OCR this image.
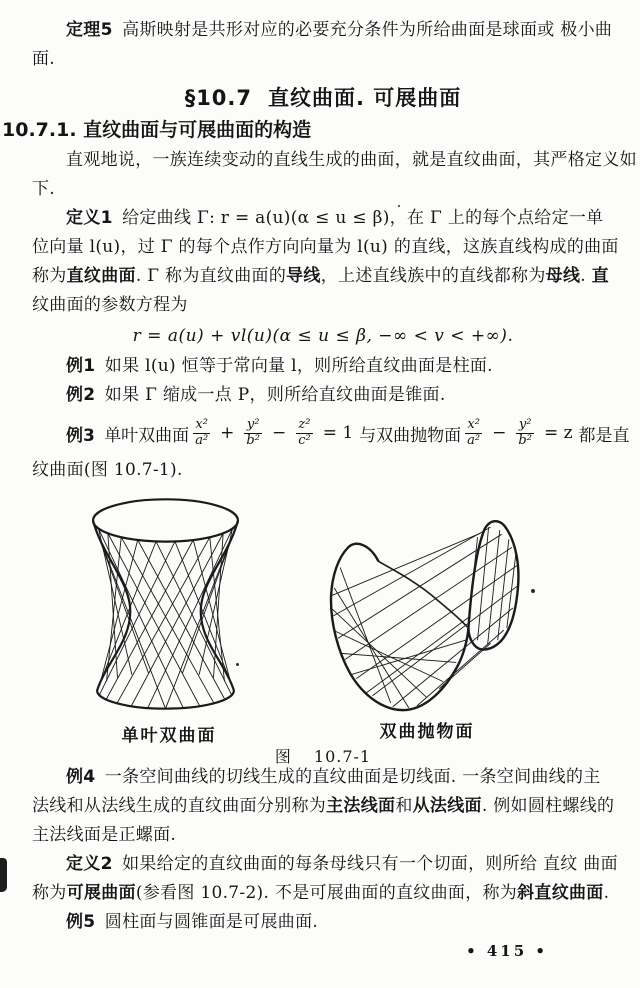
定理5 高斯映射是共形对应的必要充分条件为所给曲面是球面或 极小曲
面.
§10.7 直纹曲面. 可展曲面
10.7.1. 直纹曲面与可展曲面的构造
直观地说，一族连续变动的直线生成的曲面，就是直纹曲面，其严格定义如
下.
定义1 给定曲线 Γ: r = a(u)(α ≤ u ≤ β)，在 Γ 上的每个点给定一单
位向量 l(u)，过 Γ 的每个点作方向向量为 l(u) 的直线，这族直线构成的曲面
称为直纹曲面. Γ 称为直纹曲面的导线，上述直线族中的直线都称为母线. 直
纹曲面的参数方程为
r = a(u) + vl(u)(α ≤ u ≤ β, −∞ < v < +∞).
例1 如果 l(u) 恒等于常向量 l，则所给直纹曲面是柱面.
例2 如果 Γ 缩成一点 P，则所给直纹曲面是锥面.
例3 单叶双曲面 $\frac{\text{x²}}{\text{a²}} + \frac{\text{y²}}{\text{b²}} - \frac{\text{z²}}{\text{c²}} = 1$ 与双曲抛物面 $\frac{\text{x²}}{\text{a²}} - \frac{\text{y²}}{\text{b²}} = z$ 都是直
纹曲面(图 10.7-1).
单叶双曲面	双曲抛物面
图 10.7-1
例4 一条空间曲线的切线生成的直纹曲面是切线面. 一条空间曲线的主
法线和从法线生成的直纹曲面分别称为主法线面和从法线面. 例如圆柱螺线的
主法线面是正螺面.
定义2 如果给定的直纹曲面的每条母线只有一个切面，则所给 直纹 曲面
称为可展曲面(参看图 10.7-2). 不是可展曲面的直纹曲面，称为斜直纹曲面.
例5 圆柱面与圆锥面是可展曲面.
• 415 •
